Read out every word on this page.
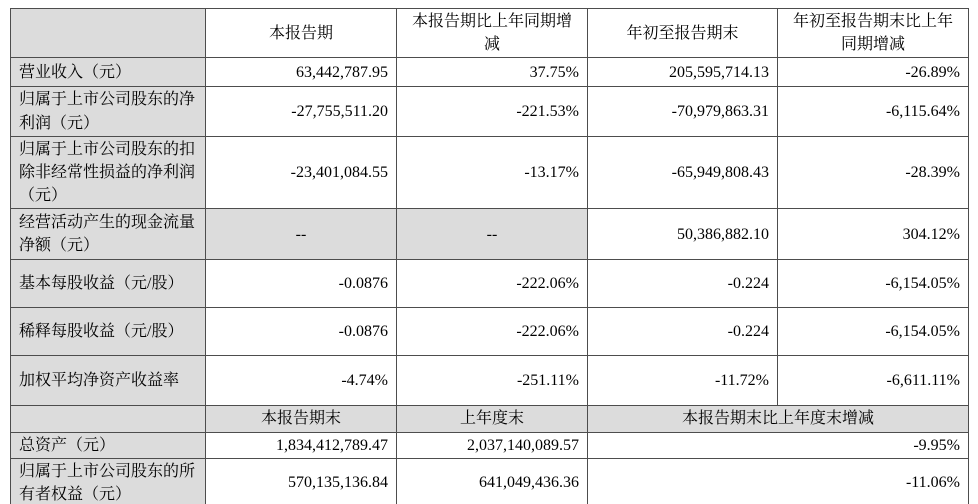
	本报告期	本报告期比上年同期增减	年初至报告期末	年初至报告期末比上年同期增减
营业收入（元）	63,442,787.95	37.75%	205,595,714.13	-26.89%
归属于上市公司股东的净利润（元）	-27,755,511.20	-221.53%	-70,979,863.31	-6,115.64%
归属于上市公司股东的扣除非经常性损益的净利润（元）	-23,401,084.55	-13.17%	-65,949,808.43	-28.39%
经营活动产生的现金流量净额（元）	--	--	50,386,882.10	304.12%
基本每股收益（元/股）	-0.0876	-222.06%	-0.224	-6,154.05%
稀释每股收益（元/股）	-0.0876	-222.06%	-0.224	-6,154.05%
加权平均净资产收益率	-4.74%	-251.11%	-11.72%	-6,611.11%
	本报告期末	上年度末	本报告期末比上年度末增减	
总资产（元）	1,834,412,789.47	2,037,140,089.57	-9.95%	
归属于上市公司股东的所有者权益（元）	570,135,136.84	641,049,436.36	-11.06%	
